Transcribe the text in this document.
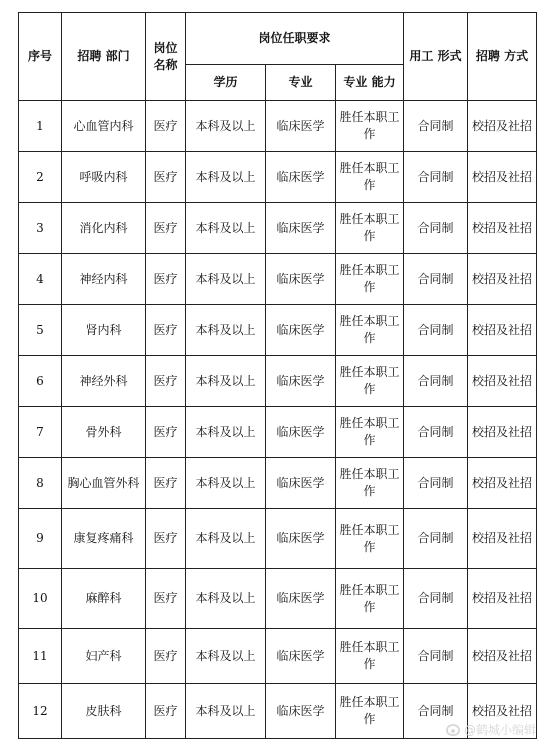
序号	招聘 部门	岗位 名称	岗位任职要求			用工 形式	招聘 方式
			学历	专业	专业 能力		
1	心血管内科	医疗	本科及以上	临床医学	胜任本职工作	合同制	校招及社招
2	呼吸内科	医疗	本科及以上	临床医学	胜任本职工作	合同制	校招及社招
3	消化内科	医疗	本科及以上	临床医学	胜任本职工作	合同制	校招及社招
4	神经内科	医疗	本科及以上	临床医学	胜任本职工作	合同制	校招及社招
5	肾内科	医疗	本科及以上	临床医学	胜任本职工作	合同制	校招及社招
6	神经外科	医疗	本科及以上	临床医学	胜任本职工作	合同制	校招及社招
7	骨外科	医疗	本科及以上	临床医学	胜任本职工作	合同制	校招及社招
8	胸心血管外科	医疗	本科及以上	临床医学	胜任本职工作	合同制	校招及社招
9	康复疼痛科	医疗	本科及以上	临床医学	胜任本职工作	合同制	校招及社招
10	麻醉科	医疗	本科及以上	临床医学	胜任本职工作	合同制	校招及社招
11	妇产科	医疗	本科及以上	临床医学	胜任本职工作	合同制	校招及社招
12	皮肤科	医疗	本科及以上	临床医学	胜任本职工作	合同制	校招及社招
@鹤城小编辑
